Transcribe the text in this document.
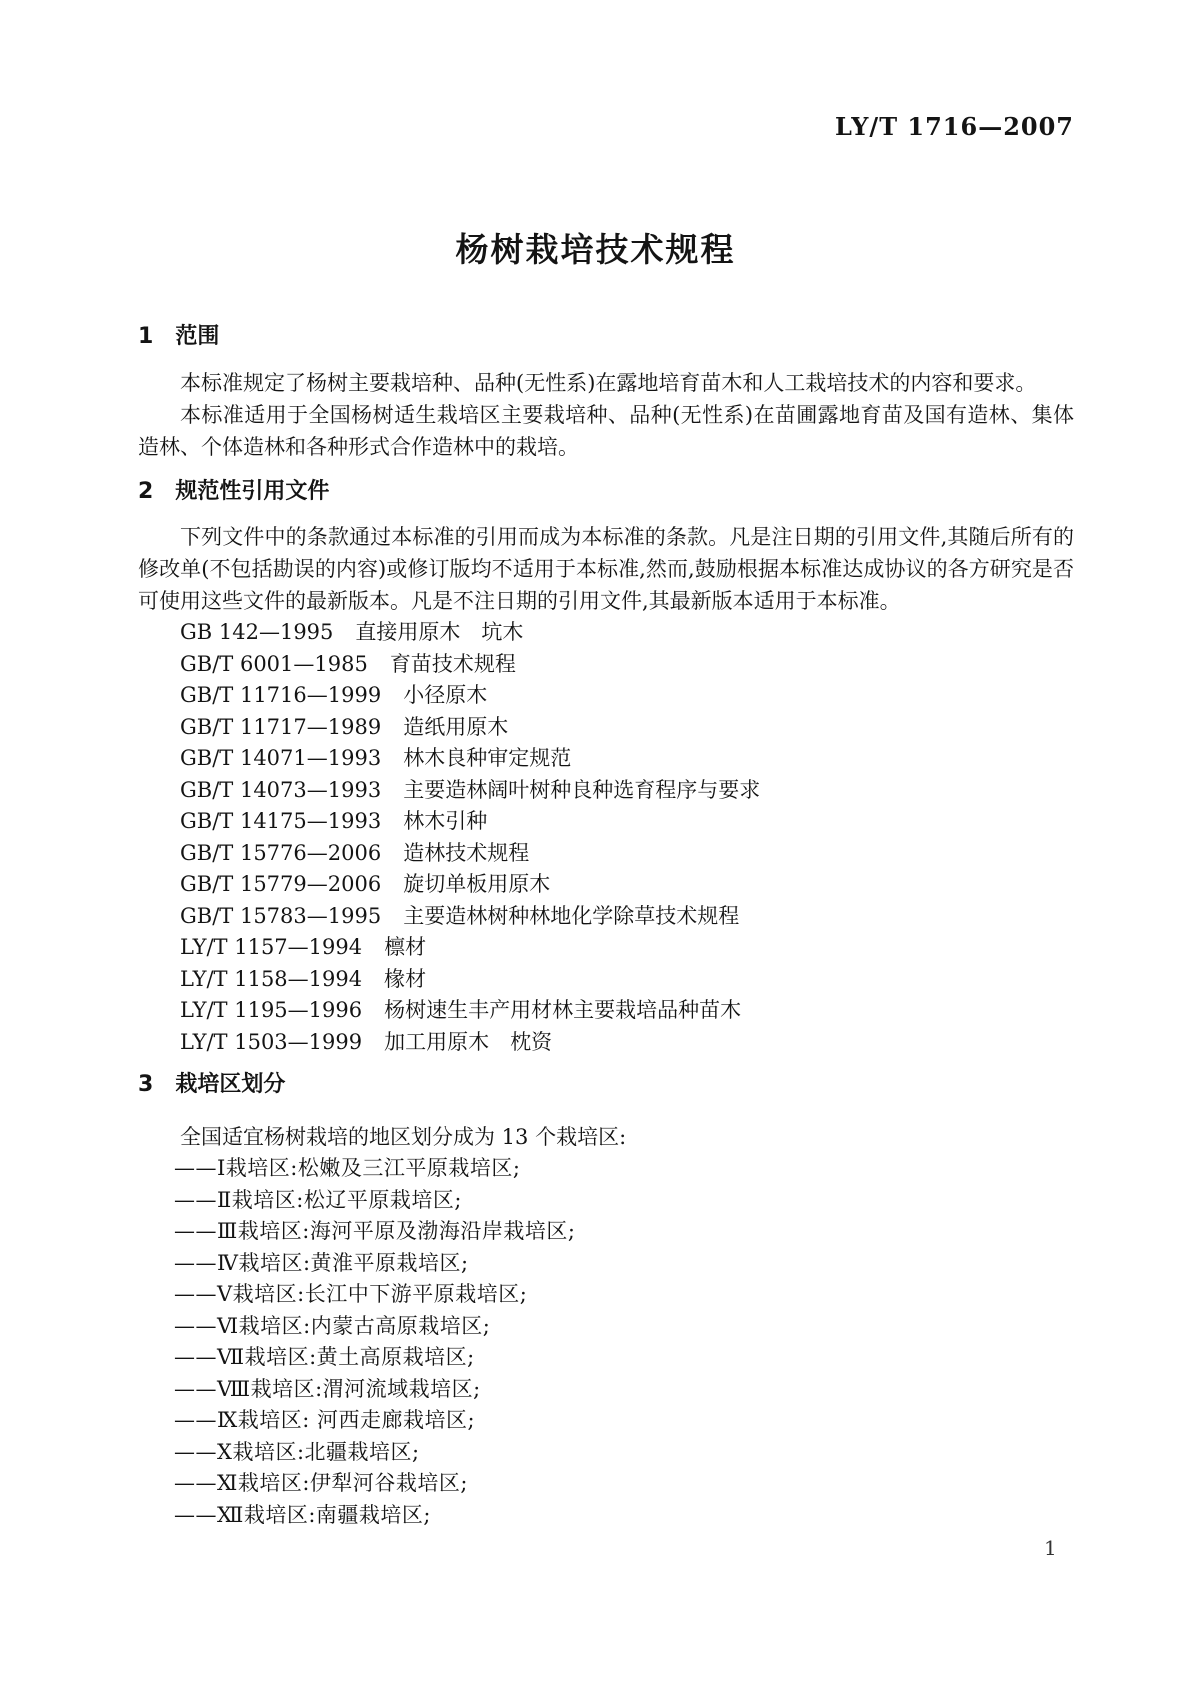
LY/T 1716—2007
杨树栽培技术规程
1 范围

本标准规定了杨树主要栽培种、品种(无性系)在露地培育苗木和人工栽培技术的内容和要求。

本标准适用于全国杨树适生栽培区主要栽培种、品种(无性系)在苗圃露地育苗及国有造林、集体造林、个体造林和各种形式合作造林中的栽培。

2 规范性引用文件

下列文件中的条款通过本标准的引用而成为本标准的条款。凡是注日期的引用文件,其随后所有的修改单(不包括勘误的内容)或修订版均不适用于本标准,然而,鼓励根据本标准达成协议的各方研究是否可使用这些文件的最新版本。凡是不注日期的引用文件,其最新版本适用于本标准。

GB 142—1995 直接用原木　坑木
GB/T 6001—1985 育苗技术规程
GB/T 11716—1999 小径原木
GB/T 11717—1989 造纸用原木
GB/T 14071—1993 林木良种审定规范
GB/T 14073—1993 主要造林阔叶树种良种选育程序与要求
GB/T 14175—1993 林木引种
GB/T 15776—2006 造林技术规程
GB/T 15779—2006 旋切单板用原木
GB/T 15783—1995 主要造林树种林地化学除草技术规程
LY/T 1157—1994 檩材
LY/T 1158—1994 椽材
LY/T 1195—1996 杨树速生丰产用材林主要栽培品种苗木
LY/T 1503—1999 加工用原木　枕资
3 栽培区划分

全国适宜杨树栽培的地区划分成为 13 个栽培区:

——Ⅰ栽培区:松嫩及三江平原栽培区;
——Ⅱ栽培区:松辽平原栽培区;
——Ⅲ栽培区:海河平原及渤海沿岸栽培区;
——Ⅳ栽培区:黄淮平原栽培区;
——Ⅴ栽培区:长江中下游平原栽培区;
——Ⅵ栽培区:内蒙古高原栽培区;
——Ⅶ栽培区:黄土高原栽培区;
——Ⅷ栽培区:渭河流域栽培区;
——Ⅸ栽培区: 河西走廊栽培区;
——Ⅹ栽培区:北疆栽培区;
——Ⅺ栽培区:伊犁河谷栽培区;
——Ⅻ栽培区:南疆栽培区;
1
